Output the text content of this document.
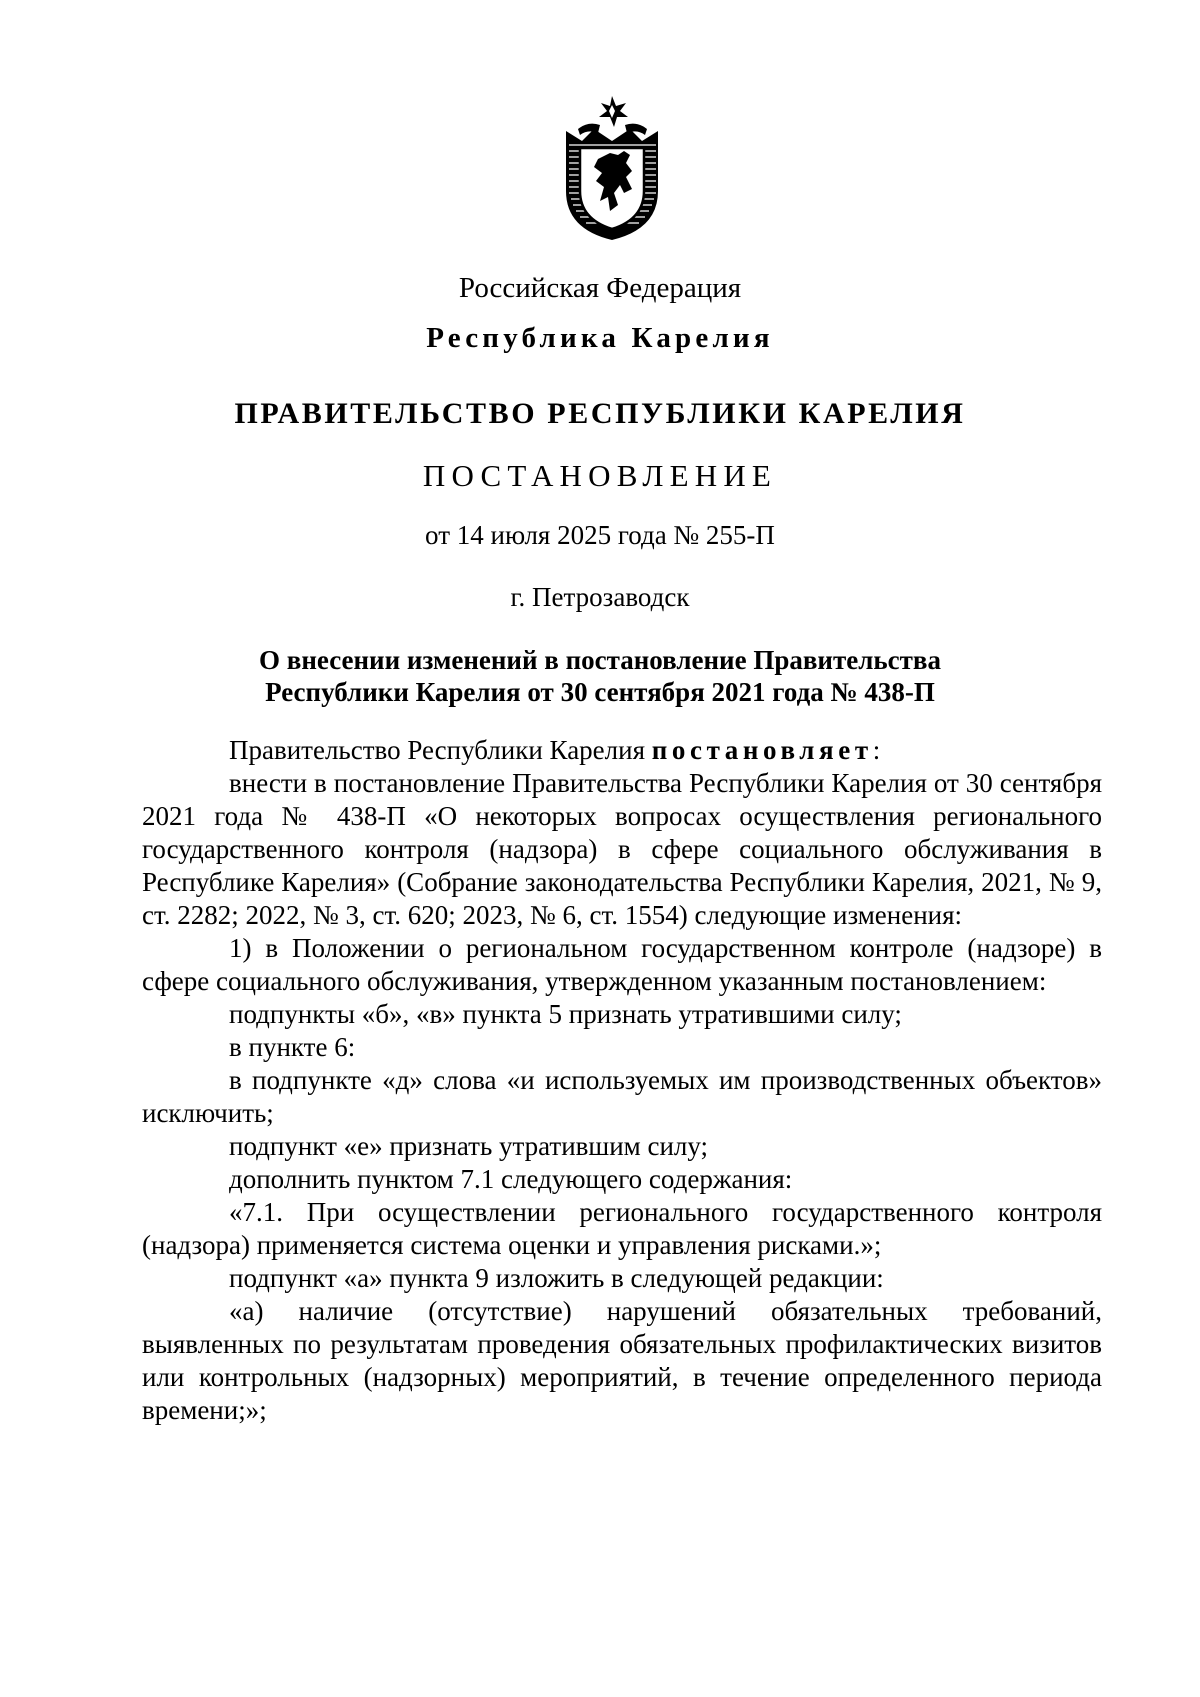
Российская Федерация
Республика Карелия
ПРАВИТЕЛЬСТВО РЕСПУБЛИКИ КАРЕЛИЯ
ПОСТАНОВЛЕНИЕ
от 14 июля 2025 года № 255-П
г. Петрозаводск
О внесении изменений в постановление Правительства
Республики Карелия от 30 сентября 2021 года № 438-П
Правительство Республики Карелия постановляет:
внести в постановление Правительства Республики Карелия от 30 сентября 2021 года № 438-П «О некоторых вопросах осуществления регионального государственного контроля (надзора) в сфере социального обслуживания в Республике Карелия» (Собрание законодательства Республики Карелия, 2021, № 9, ст. 2282; 2022, № 3, ст. 620; 2023, № 6, ст. 1554) следующие изменения:
1) в Положении о региональном государственном контроле (надзоре) в сфере социального обслуживания, утвержденном указанным постановлением:
подпункты «б», «в» пункта 5 признать утратившими силу;
в пункте 6:
в подпункте «д» слова «и используемых им производственных объектов» исключить;
подпункт «е» признать утратившим силу;
дополнить пунктом 7.1 следующего содержания:
«7.1. При осуществлении регионального государственного контроля (надзора) применяется система оценки и управления рисками.»;
подпункт «а» пункта 9 изложить в следующей редакции:
«а) наличие (отсутствие) нарушений обязательных требований, выявленных по результатам проведения обязательных профилактических визитов или контрольных (надзорных) мероприятий, в течение определенного периода времени;»;
